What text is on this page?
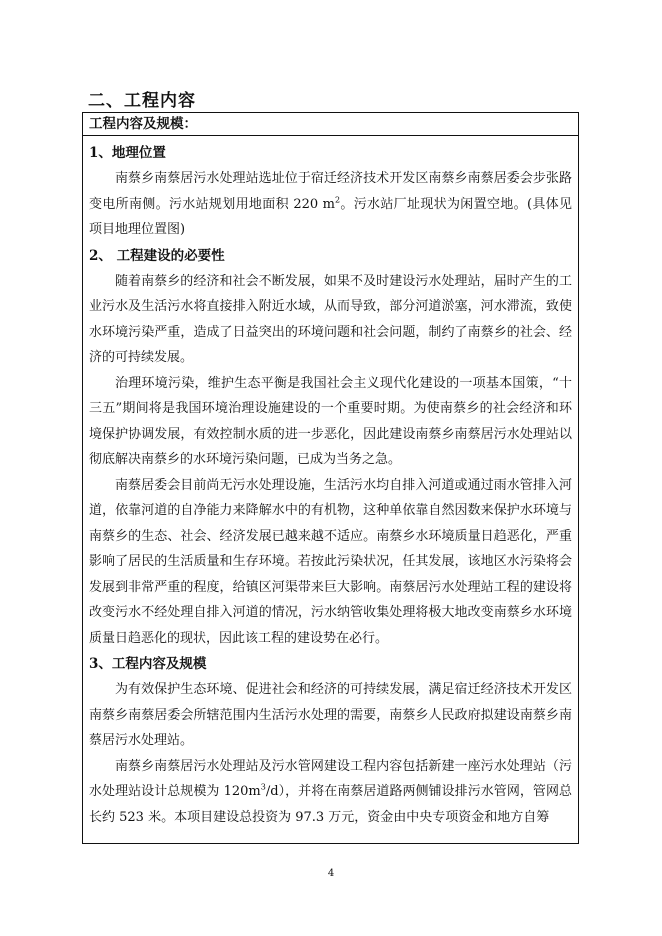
二、工程内容
工程内容及规模：
1、地理位置

南蔡乡南蔡居污水处理站选址位于宿迁经济技术开发区南蔡乡南蔡居委会步张路变电所南侧。污水站规划用地面积 220 $m^2$。污水站厂址现状为闲置空地。(具体见项目地理位置图)

2、 工程建设的必要性

随着南蔡乡的经济和社会不断发展，如果不及时建设污水处理站，届时产生的工业污水及生活污水将直接排入附近水域，从而导致，部分河道淤塞，河水滞流，致使水环境污染严重，造成了日益突出的环境问题和社会问题，制约了南蔡乡的社会、经济的可持续发展。

治理环境污染，维护生态平衡是我国社会主义现代化建设的一项基本国策，“十三五”期间将是我国环境治理设施建设的一个重要时期。为使南蔡乡的社会经济和环境保护协调发展，有效控制水质的进一步恶化，因此建设南蔡乡南蔡居污水处理站以彻底解决南蔡乡的水环境污染问题，已成为当务之急。

南蔡居委会目前尚无污水处理设施，生活污水均自排入河道或通过雨水管排入河道，依靠河道的自净能力来降解水中的有机物，这种单依靠自然因数来保护水环境与南蔡乡的生态、社会、经济发展已越来越不适应。南蔡乡水环境质量日趋恶化，严重影响了居民的生活质量和生存环境。若按此污染状况，任其发展，该地区水污染将会发展到非常严重的程度，给镇区河渠带来巨大影响。南蔡居污水处理站工程的建设将改变污水不经处理自排入河道的情况，污水纳管收集处理将极大地改变南蔡乡水环境质量日趋恶化的现状，因此该工程的建设势在必行。

3、工程内容及规模

为有效保护生态环境、促进社会和经济的可持续发展，满足宿迁经济技术开发区南蔡乡南蔡居委会所辖范围内生活污水处理的需要，南蔡乡人民政府拟建设南蔡乡南蔡居污水处理站。

南蔡乡南蔡居污水处理站及污水管网建设工程内容包括新建一座污水处理站（污水处理站设计总规模为 $120m^3/d$），并将在南蔡居道路两侧铺设排污水管网，管网总长约 523 米。本项目建设总投资为 97.3 万元，资金由中央专项资金和地方自筹

4
